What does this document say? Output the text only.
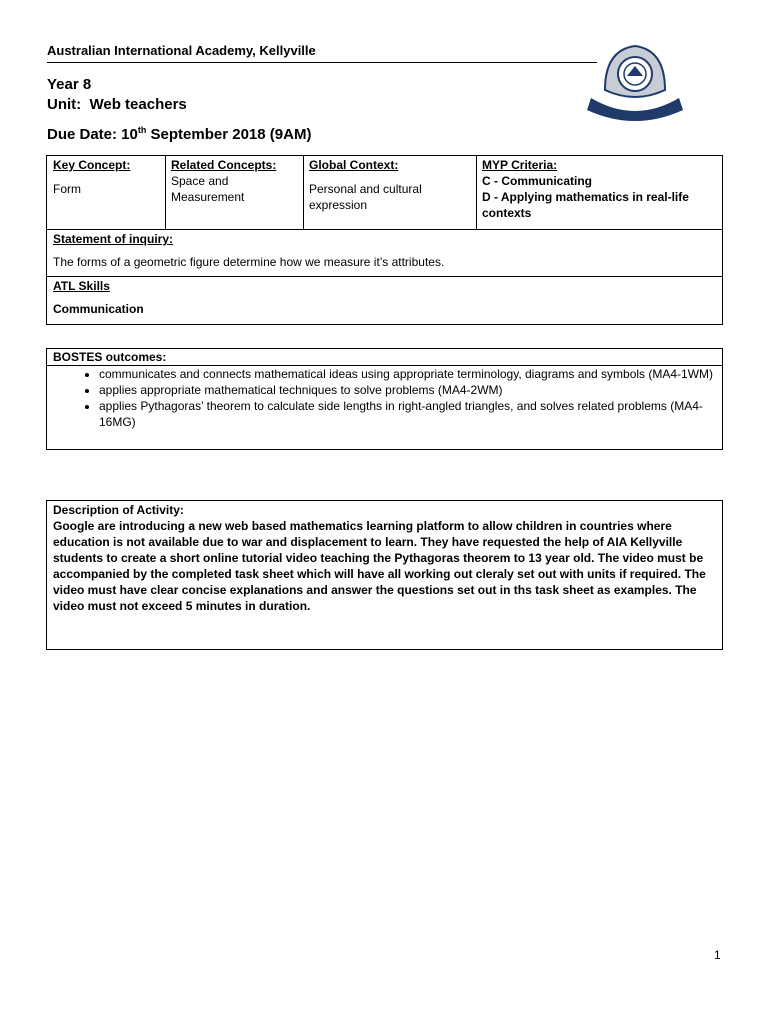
Australian International Academy, Kellyville
Year 8
Unit: Web teachers
Due Date: 10th September 2018 (9AM)
Key Concept:
Form
Related Concepts:
Space and Measurement
Global Context:
Personal and cultural expression
MYP Criteria:
C - Communicating
D - Applying mathematics in real-life contexts
Statement of inquiry:
The forms of a geometric figure determine how we measure it’s attributes.
ATL Skills
Communication
BOSTES outcomes:
• communicates and connects mathematical ideas using appropriate terminology, diagrams and symbols (MA4-1WM)
• applies appropriate mathematical techniques to solve problems (MA4-2WM)
• applies Pythagoras’ theorem to calculate side lengths in right-angled triangles, and solves related problems (MA4-16MG)
Description of Activity:
Google are introducing a new web based mathematics learning platform to allow children in countries where education is not available due to war and displacement to learn. They have requested the help of AIA Kellyville students to create a short online tutorial video teaching the Pythagoras theorem to 13 year old. The video must be accompanied by the completed task sheet which will have all working out cleraly set out with units if required. The video must have clear concise explanations and answer the questions set out in ths task sheet as examples. The video must not exceed 5 minutes in duration.
1
